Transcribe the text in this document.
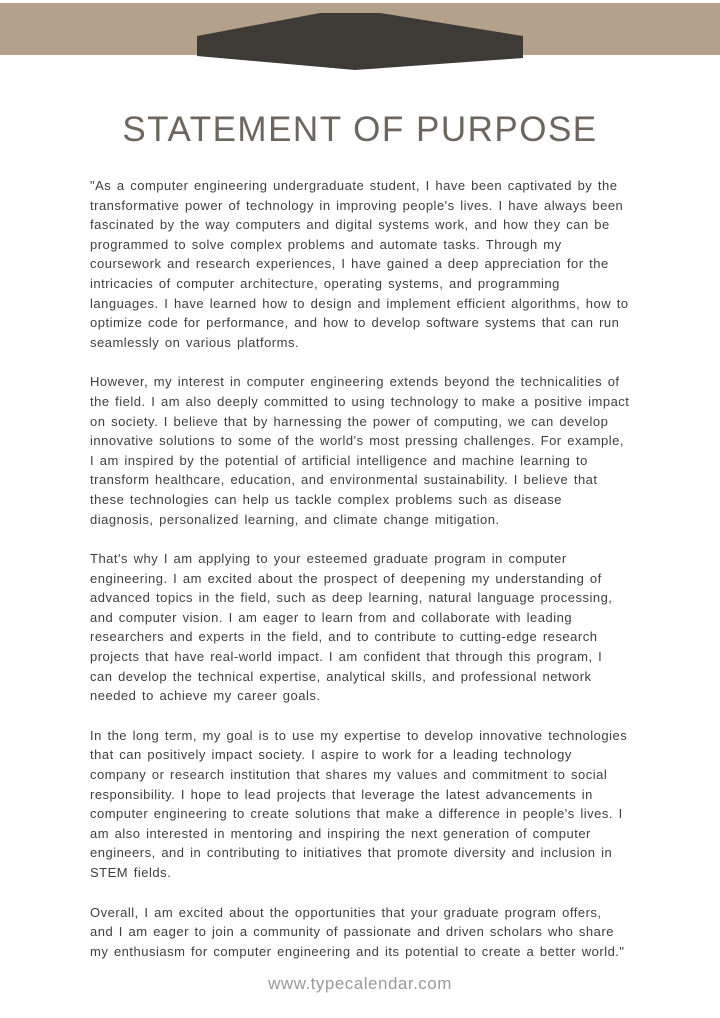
STATEMENT OF PURPOSE

"As a computer engineering undergraduate student, I have been captivated by the transformative power of technology in improving people's lives. I have always been fascinated by the way computers and digital systems work, and how they can be programmed to solve complex problems and automate tasks. Through my coursework and research experiences, I have gained a deep appreciation for the intricacies of computer architecture, operating systems, and programming languages. I have learned how to design and implement efficient algorithms, how to optimize code for performance, and how to develop software systems that can run seamlessly on various platforms.

However, my interest in computer engineering extends beyond the technicalities of the field. I am also deeply committed to using technology to make a positive impact on society. I believe that by harnessing the power of computing, we can develop innovative solutions to some of the world's most pressing challenges. For example, I am inspired by the potential of artificial intelligence and machine learning to transform healthcare, education, and environmental sustainability. I believe that these technologies can help us tackle complex problems such as disease diagnosis, personalized learning, and climate change mitigation.

That's why I am applying to your esteemed graduate program in computer engineering. I am excited about the prospect of deepening my understanding of advanced topics in the field, such as deep learning, natural language processing, and computer vision. I am eager to learn from and collaborate with leading researchers and experts in the field, and to contribute to cutting-edge research projects that have real-world impact. I am confident that through this program, I can develop the technical expertise, analytical skills, and professional network needed to achieve my career goals.

In the long term, my goal is to use my expertise to develop innovative technologies that can positively impact society. I aspire to work for a leading technology company or research institution that shares my values and commitment to social responsibility. I hope to lead projects that leverage the latest advancements in computer engineering to create solutions that make a difference in people's lives. I am also interested in mentoring and inspiring the next generation of computer engineers, and in contributing to initiatives that promote diversity and inclusion in STEM fields.

Overall, I am excited about the opportunities that your graduate program offers, and I am eager to join a community of passionate and driven scholars who share my enthusiasm for computer engineering and its potential to create a better world."

www.typecalendar.com
